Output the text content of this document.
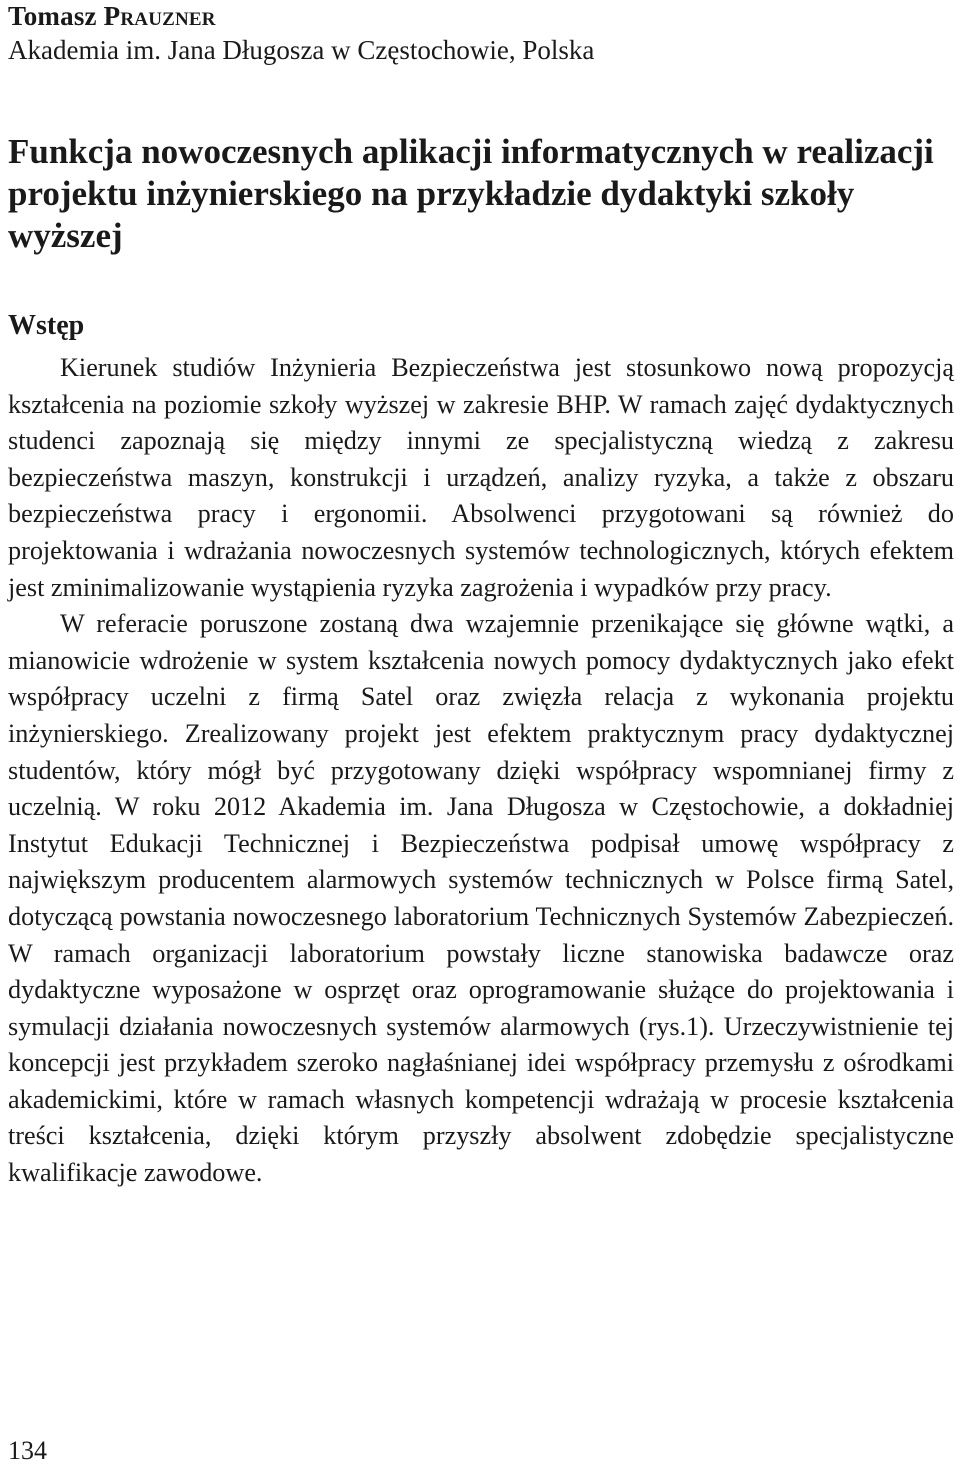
Tomasz Prauzner
Akademia im. Jana Długosza w Częstochowie, Polska
Funkcja nowoczesnych aplikacji informatycznych w realizacji projektu inżynierskiego na przykładzie dydaktyki szkoły wyższej
Wstęp

Kierunek studiów Inżynieria Bezpieczeństwa jest stosunkowo nową propozycją kształcenia na poziomie szkoły wyższej w zakresie BHP. W ramach zajęć dydaktycznych studenci zapoznają się między innymi ze specjalistyczną wiedzą z zakresu bezpieczeństwa maszyn, konstrukcji i urządzeń, analizy ryzyka, a także z obszaru bezpieczeństwa pracy i ergonomii. Absolwenci przygotowani są również do projektowania i wdrażania nowoczesnych systemów technologicznych, których efektem jest zminimalizowanie wystąpienia ryzyka zagrożenia i wypadków przy pracy.

W referacie poruszone zostaną dwa wzajemnie przenikające się główne wątki, a mianowicie wdrożenie w system kształcenia nowych pomocy dydaktycznych jako efekt współpracy uczelni z firmą Satel oraz zwięzła relacja z wykonania projektu inżynierskiego. Zrealizowany projekt jest efektem praktycznym pracy dydaktycznej studentów, który mógł być przygotowany dzięki współpracy wspomnianej firmy z uczelnią. W roku 2012 Akademia im. Jana Długosza w Częstochowie, a dokładniej Instytut Edukacji Technicznej i Bezpieczeństwa podpisał umowę współpracy z największym producentem alarmowych systemów technicznych w Polsce firmą Satel, dotyczącą powstania nowoczesnego laboratorium Technicznych Systemów Zabezpieczeń. W ramach organizacji laboratorium powstały liczne stanowiska badawcze oraz dydaktyczne wyposażone w osprzęt oraz oprogramowanie służące do projektowania i symulacji działania nowoczesnych systemów alarmowych (rys.1). Urzeczywistnienie tej koncepcji jest przykładem szeroko nagłaśnianej idei współpracy przemysłu z ośrodkami akademickimi, które w ramach własnych kompetencji wdrażają w procesie kształcenia treści kształcenia, dzięki którym przyszły absolwent zdobędzie specjalistyczne kwalifikacje zawodowe.

134
